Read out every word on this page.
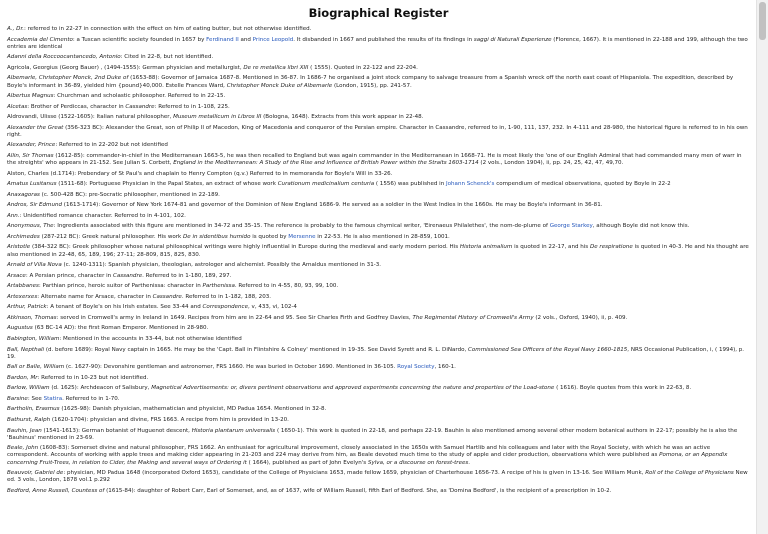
Biographical Register
A., Dr.: referred to in 22-27 in connection with the effect on him of eating butter, but not otherwise identified.
Accademia del Cimento: a Tuscan scientific society founded in 1657 by Ferdinand II and Prince Leopold. It disbanded in 1667 and published the results of its findings in saggi di Naturali Esperienze (Florence, 1667). It is mentioned in 22-188 and 199, although the two entries are identical
Adanni della Roccoocantancedo, Antonio: Cited in 22-8, but not identified.
Agricola, Georgius (Georg Bauer) , (1494-1555): German physician and metallurgist, De re metallica libri XIII ( 1555). Quoted in 22-122 and 22-204.
Albemarle, Christopher Monck, 2nd Duke of (1653-88): Governor of Jamaica 1687-8. Mentioned in 36-87. In 1686-7 he organised a joint stock company to salvage treasure from a Spanish wreck off the north east coast of Hispaniola. The expedition, described by Boyle's informant in 36-89, yielded him {pound}40,000. Estelle Frances Ward, Christopher Monck Duke of Albemarle (London, 1915), pp. 241-57.
Albertus Magnus: Churchman and scholastic philosopher. Referred to in 22-15.
Alcetas: Brother of Perdiccas, character in Cassandre: Referred to in 1-108, 225.
Aldrovandi, Ulisse (1522-1605): Italian natural philosopher, Museum metallicum in Libros III (Bologna, 1648). Extracts from this work appear in 22-48.
Alexander the Great (356-323 BC): Alexander the Great, son of Philip II of Macedon, King of Macedonia and conqueror of the Persian empire. Character in Cassandre, referred to in, 1-90, 111, 137, 232. In 4-111 and 28-980, the historical figure is referred to in his own right.
Alexander, Prince: Referred to in 22-202 but not identified
Allin, Sir Thomas (1612-85): commander-in-chief in the Mediterranean 1663-5, he was then recalled to England but was again commander in the Mediterranean in 1668-71. He is most likely the 'one of our English Admiral that had commanded many men of warr in the streights' who appears in 21-152. See Julian S. Corbett, England in the Mediterranean: A Study of the Rise and Influence of British Power within the Straits 1603-1714 (2 vols., London 1904), ii, pp. 24, 25, 42, 47, 49,70.
Alston, Charles (d.1714): Prebendary of St Paul's and chaplain to Henry Compton (q.v.) Referred to in memoranda for Boyle's Will in 33-26.
Amatus Lusitanus (1511-68): Portuguese Physician in the Papal States, an extract of whose work Curationum medicinalium centuria ( 1556) was published in Johann Schenck's compendium of medical observations, quoted by Boyle in 22-2
Anaxagoras (c. 500-428 BC): pre-Socratic philosopher, mentioned in 22-189.
Andros, Sir Edmund (1613-1714): Governor of New York 1674-81 and governor of the Dominion of New England 1686-9. He served as a soldier in the West Indies in the 1660s. He may be Boyle's informant in 36-81.
Ann.: Unidentified romance character. Referred to in 4-101, 102.
Anonymous, The: Ingredients associated with this figure are mentioned in 34-72 and 35-15. The reference is probably to the famous chymical writer, 'Eirenaeus Philalethes', the nom-de-plume of George Starkey, although Boyle did not know this.
Archimedes (287-212 BC): Greek natural philosopher. His work De in sidentibus humido is quoted by Mersenne in 22-53. He is also mentioned in 28-859, 1001.
Aristotle (384-322 BC): Greek philosopher whose natural philosophical writings were highly influential in Europe during the medieval and early modern period. His Historia animalium is quoted in 22-17, and his De respiratione is quoted in 40-3. He and his thought are also mentioned in 22-48, 65, 189, 196; 27-11; 28-809, 815, 825, 830.
Arnald of Villa Nova (c. 1240-1311): Spanish physician, theologian, astrologer and alchemist. Possibly the Arnaldus mentioned in 31-3.
Arsace: A Persian prince, character in Cassandre. Referred to in 1-180, 189, 297.
Artabbanes: Parthian prince, heroic suitor of Parthenissa: character in Parthenissa. Referred to in 4-55, 80, 93, 99, 100.
Artexerxes: Alternate name for Arsace, character in Cassandre. Referred to in 1-182, 188, 203.
Arthur, Patrick: A tenant of Boyle's on his Irish estates. See 33-44 and Correspondence, v, 433, vi, 102-4
Atkinson, Thomas: served in Cromwell's army in Ireland in 1649. Recipes from him are in 22-64 and 95. See Sir Charles Firth and Godfrey Davies, The Regimental History of Cromwell's Army (2 vols., Oxford, 1940), ii, p. 409.
Augustus (63 BC-14 AD): the first Roman Emperor. Mentioned in 28-980.
Babington, William: Mentioned in the accounts in 33-44, but not otherwise identified
Ball, Nepthali (d. before 1689): Royal Navy captain in 1665. He may be the 'Capt. Ball in Flintshire & Colney' mentioned in 19-35. See David Syrett and R. L. DiNardo, Commissioned Sea Officers of the Royal Navy 1660-1815, NRS Occasional Publication, i, ( 1994), p. 19.
Ball or Balle, William (c. 1627-90): Devonshire gentleman and astronomer, FRS 1660. He was buried in October 1690. Mentioned in 36-105. Royal Society, 160-1.
Bardon, Mr: Referred to in 10-23 but not identified.
Barlow, William (d. 1625): Archdeacon of Salisbury, Magnetical Advertisements: or, divers pertinent observations and approved experiments concerning the nature and properties of the Load-stone ( 1616). Boyle quotes from this work in 22-63, 8.
Barsine: See Statira. Referred to in 1-70.
Bartholin, Erasmus (1625-98): Danish physician, mathematician and physicist, MD Padua 1654. Mentioned in 32-8.
Bathurst, Ralph (1620-1704): physician and divine, FRS 1663. A recipe from him is provided in 13-20.
Bauhin, Jean (1541-1613): German botanist of Huguenot descent, Historia plantarum universalis ( 1650-1). This work is quoted in 22-18, and perhaps 22-19. Bauhin is also mentioned among several other modern botanical authors in 22-17; possibly he is also the 'Bauhinus' mentioned in 23-69.
Beale, John (1608-83): Somerset divine and natural philosopher, FRS 1662. An enthusiast for agricultural improvement, closely associated in the 1650s with Samuel Hartlib and his colleagues and later with the Royal Society, with which he was an active correspondent. Accounts of working with apple trees and making cider appearing in 21-203 and 224 may derive from him, as Beale devoted much time to the study of apple and cider production, observations which were published as Pomona, or an Appendix concerning Fruit-Trees, in relation to Cider, the Making and several ways of Ordering it ( 1664), published as part of John Evelyn's Sylva, or a discourse on forest-trees.
Beauvoir, Gabriel de: physician, MD Padua 1648 (incorporated Oxford 1653), candidate of the College of Physicians 1653, made fellow 1659, physician of Charterhouse 1656-73. A recipe of his is given in 13-16. See William Munk, Roll of the College of Physicians New ed. 3 vols., London, 1878 vol.1 p.292
Bedford, Anne Russell, Countess of (1615-84): daughter of Robert Carr, Earl of Somerset, and, as of 1637, wife of William Russell, fifth Earl of Bedford. She, as 'Domina Bedford', is the recipient of a prescription in 10-2.
